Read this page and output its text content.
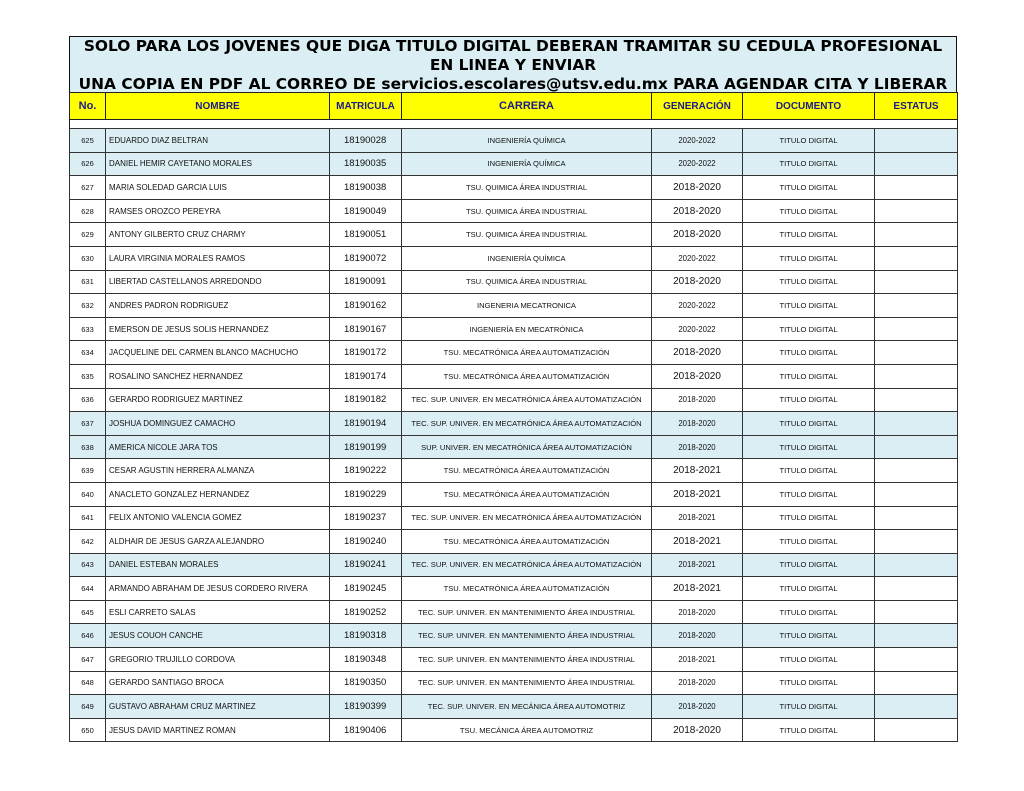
SOLO PARA LOS JOVENES QUE DIGA TITULO DIGITAL DEBERAN TRAMITAR SU CEDULA PROFESIONAL EN LINEA Y ENVIAR
UNA COPIA EN PDF AL CORREO DE servicios.escolares@utsv.edu.mx PARA AGENDAR CITA Y LIBERAR
No.	NOMBRE	MATRICULA	CARRERA	GENERACIÓN	DOCUMENTO	ESTATUS

625	EDUARDO DIAZ BELTRAN	18190028	INGENIERÍA QUÍMICA	2020-2022	TITULO DIGITAL	
626	DANIEL HEMIR CAYETANO MORALES	18190035	INGENIERÍA QUÍMICA	2020-2022	TITULO DIGITAL	
627	MARIA SOLEDAD GARCIA LUIS	18190038	TSU. QUIMICA ÁREA INDUSTRIAL	2018-2020	TITULO DIGITAL	
628	RAMSES OROZCO PEREYRA	18190049	TSU. QUIMICA ÁREA INDUSTRIAL	2018-2020	TITULO DIGITAL	
629	ANTONY GILBERTO CRUZ CHARMY	18190051	TSU. QUIMICA ÁREA INDUSTRIAL	2018-2020	TITULO DIGITAL	
630	LAURA VIRGINIA MORALES RAMOS	18190072	INGENIERÍA QUÍMICA	2020-2022	TITULO DIGITAL	
631	LIBERTAD CASTELLANOS ARREDONDO	18190091	TSU. QUIMICA ÁREA INDUSTRIAL	2018-2020	TITULO DIGITAL	
632	ANDRES PADRON RODRIGUEZ	18190162	INGENERIA MECATRONICA	2020-2022	TITULO DIGITAL	
633	EMERSON DE JESUS SOLIS HERNANDEZ	18190167	INGENIERÍA EN MECATRÓNICA	2020-2022	TITULO DIGITAL	
634	JACQUELINE DEL CARMEN BLANCO MACHUCHO	18190172	TSU. MECATRÓNICA ÁREA AUTOMATIZACIÓN	2018-2020	TITULO DIGITAL	
635	ROSALINO SANCHEZ HERNANDEZ	18190174	TSU. MECATRÓNICA ÁREA AUTOMATIZACIÓN	2018-2020	TITULO DIGITAL	
636	GERARDO RODRIGUEZ MARTINEZ	18190182	TEC. SUP. UNIVER. EN MECATRÓNICA ÁREA AUTOMATIZACIÓN	2018-2020	TITULO DIGITAL	
637	JOSHUA DOMINGUEZ CAMACHO	18190194	TEC. SUP. UNIVER. EN MECATRÓNICA ÁREA AUTOMATIZACIÓN	2018-2020	TITULO DIGITAL	
638	AMERICA NICOLE JARA TOS	18190199	SUP. UNIVER. EN MECATRÓNICA ÁREA AUTOMATIZACIÓN	2018-2020	TITULO DIGITAL	
639	CESAR AGUSTIN HERRERA ALMANZA	18190222	TSU. MECATRÓNICA ÁREA AUTOMATIZACIÓN	2018-2021	TITULO DIGITAL	
640	ANACLETO GONZALEZ HERNANDEZ	18190229	TSU. MECATRÓNICA ÁREA AUTOMATIZACIÓN	2018-2021	TITULO DIGITAL	
641	FELIX ANTONIO VALENCIA GOMEZ	18190237	TEC. SUP. UNIVER. EN MECATRÓNICA ÁREA AUTOMATIZACIÓN	2018-2021	TITULO DIGITAL	
642	ALDHAIR DE JESUS GARZA ALEJANDRO	18190240	TSU. MECATRÓNICA ÁREA AUTOMATIZACIÓN	2018-2021	TITULO DIGITAL	
643	DANIEL ESTEBAN MORALES	18190241	TEC. SUP. UNIVER. EN MECATRÓNICA ÁREA AUTOMATIZACIÓN	2018-2021	TITULO DIGITAL	
644	ARMANDO ABRAHAM DE JESUS CORDERO RIVERA	18190245	TSU. MECATRÓNICA ÁREA AUTOMATIZACIÓN	2018-2021	TITULO DIGITAL	
645	ESLI CARRETO SALAS	18190252	TEC. SUP. UNIVER. EN MANTENIMIENTO ÁREA INDUSTRIAL	2018-2020	TITULO DIGITAL	
646	JESUS COUOH CANCHE	18190318	TEC. SUP. UNIVER. EN MANTENIMIENTO ÁREA INDUSTRIAL	2018-2020	TITULO DIGITAL	
647	GREGORIO TRUJILLO CORDOVA	18190348	TEC. SUP. UNIVER. EN MANTENIMIENTO ÁREA INDUSTRIAL	2018-2021	TITULO DIGITAL	
648	GERARDO SANTIAGO BROCA	18190350	TEC. SUP. UNIVER. EN MANTENIMIENTO ÁREA INDUSTRIAL	2018-2020	TITULO DIGITAL	
649	GUSTAVO ABRAHAM CRUZ MARTINEZ	18190399	TEC. SUP. UNIVER. EN MECÁNICA ÁREA AUTOMOTRIZ	2018-2020	TITULO DIGITAL	
650	JESUS DAVID MARTINEZ ROMAN	18190406	TSU. MECÁNICA ÁREA AUTOMOTRIZ	2018-2020	TITULO DIGITAL	
